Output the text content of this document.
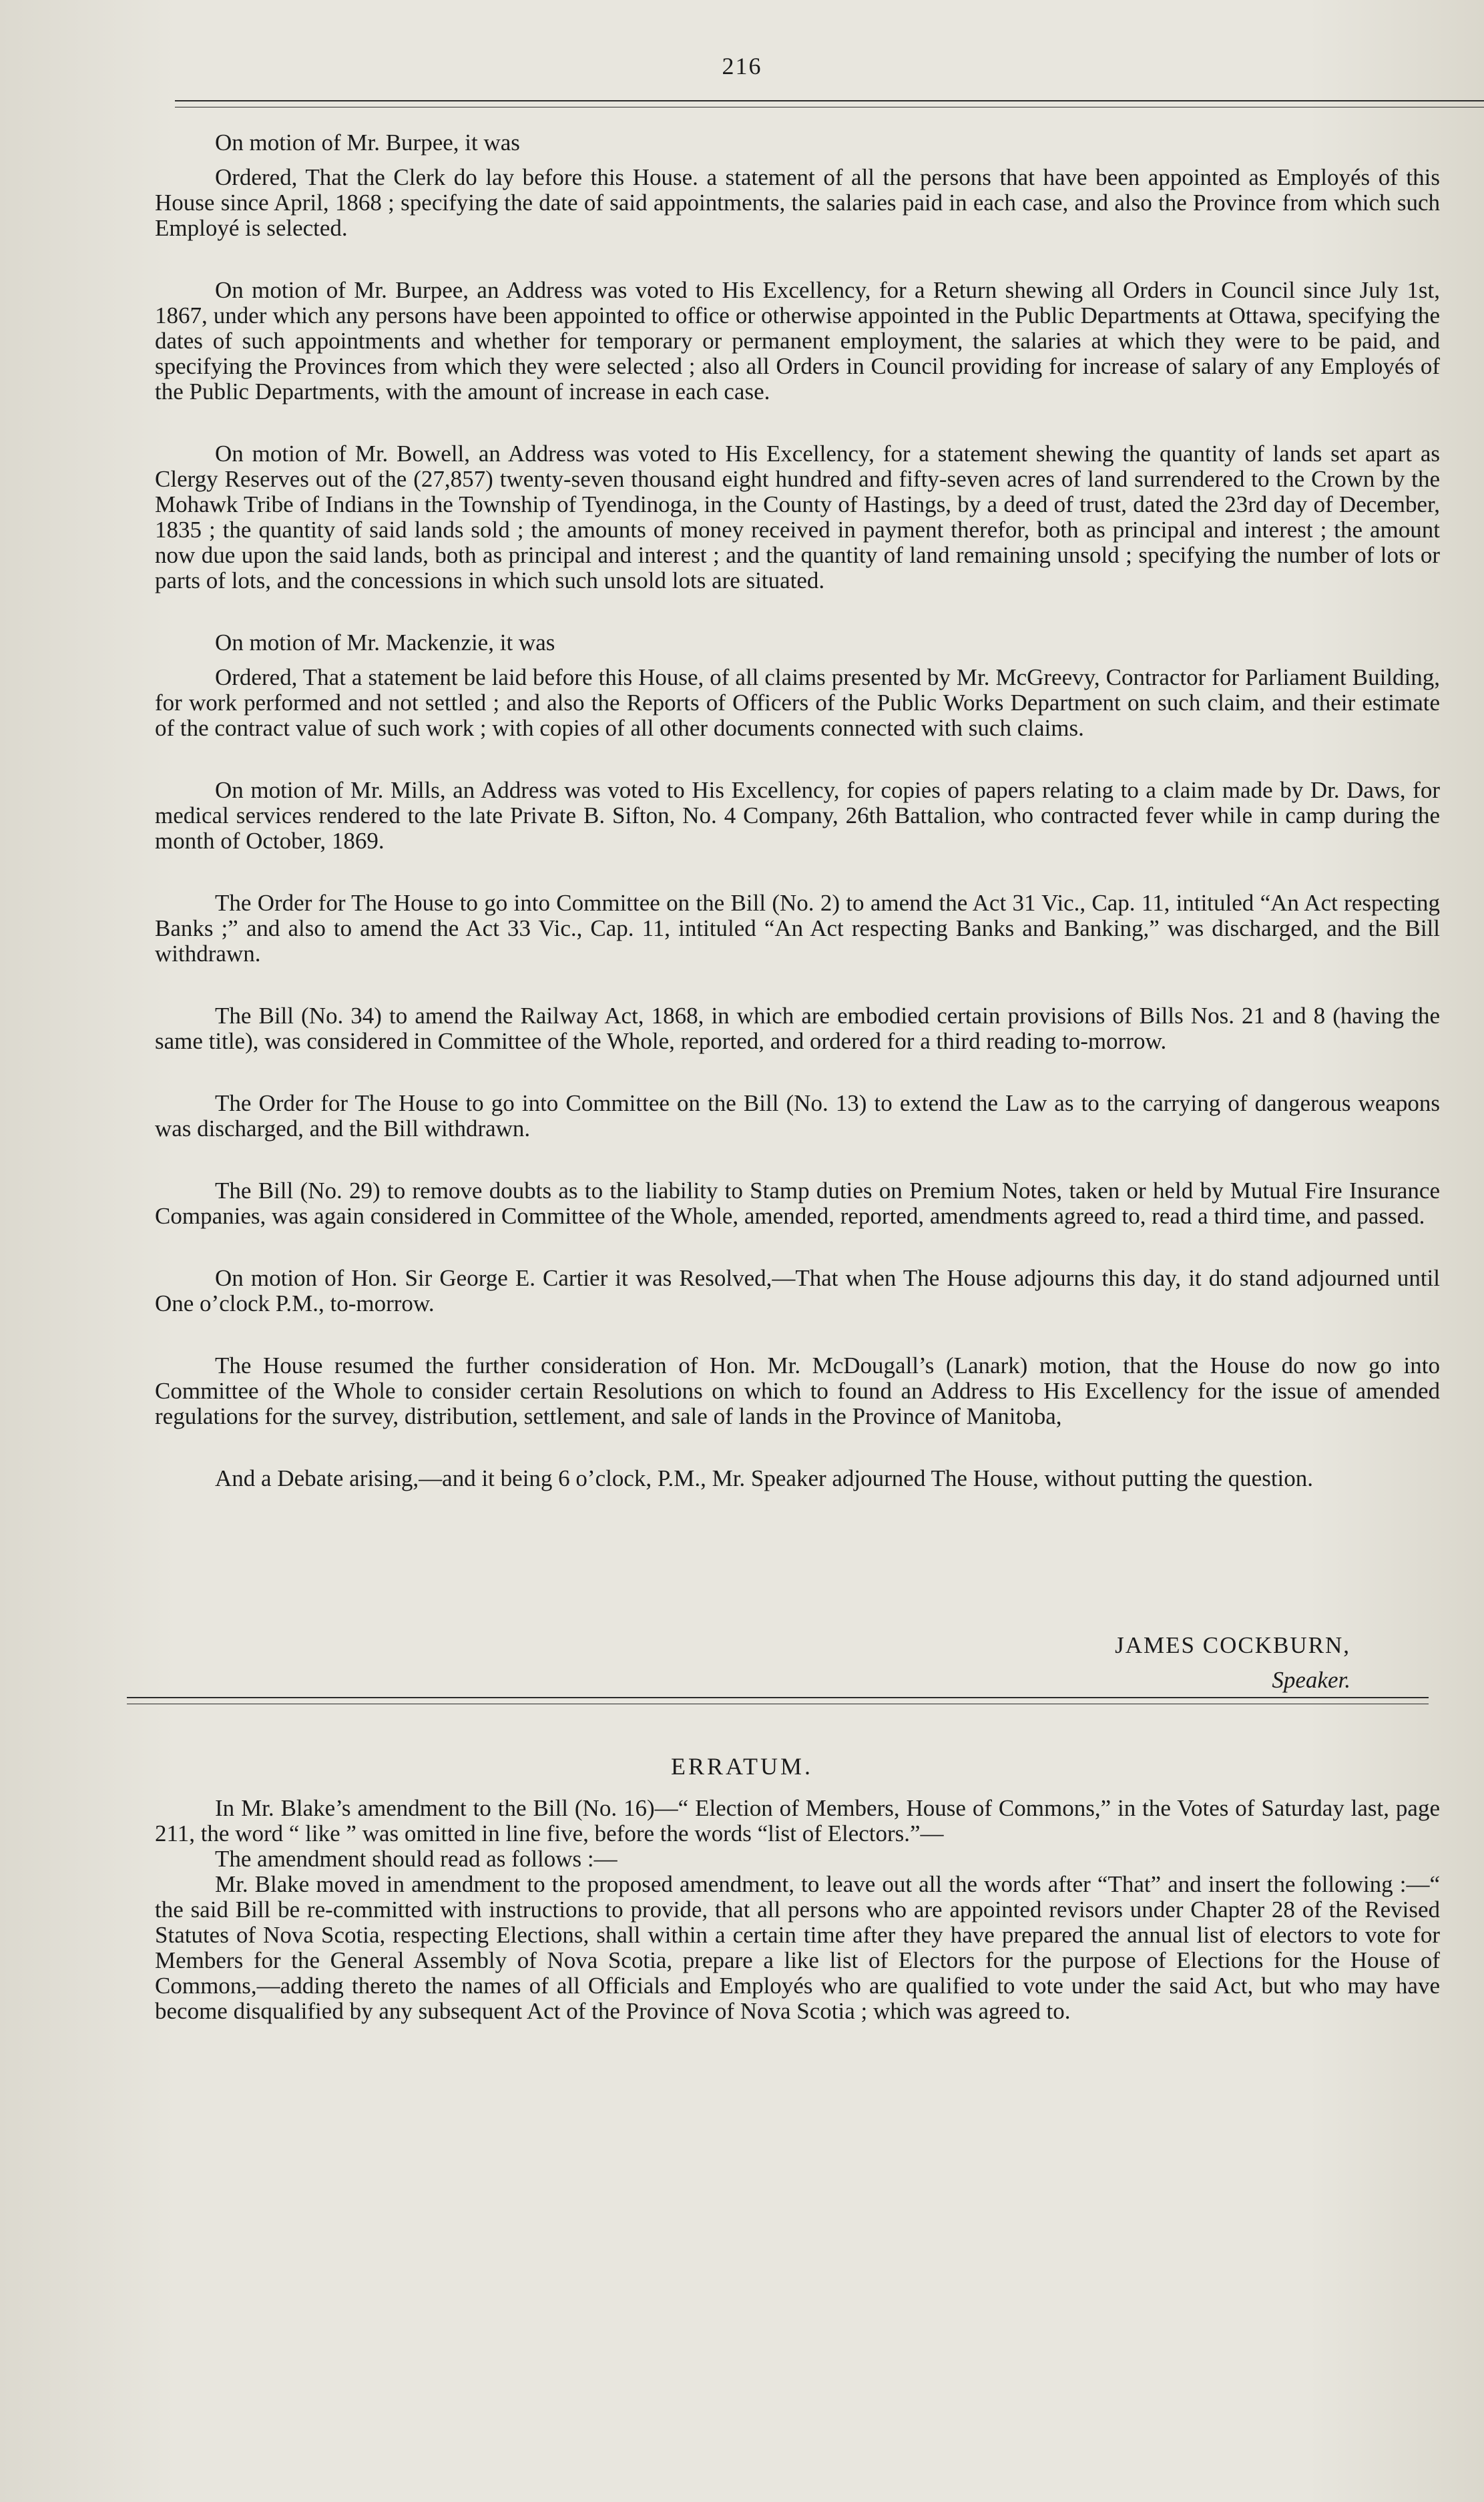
216

On motion of Mr. Burpee, it was

Ordered, That the Clerk do lay before this House. a statement of all the persons that have been appointed as Employés of this House since April, 1868 ; specifying the date of said appointments, the salaries paid in each case, and also the Province from which such Employé is selected.

On motion of Mr. Burpee, an Address was voted to His Excellency, for a Return shewing all Orders in Council since July 1st, 1867, under which any persons have been appointed to office or otherwise appointed in the Public Departments at Ottawa, specifying the dates of such appointments and whether for temporary or permanent employment, the salaries at which they were to be paid, and specifying the Provinces from which they were selected ; also all Orders in Council providing for increase of salary of any Employés of the Public Departments, with the amount of increase in each case.

On motion of Mr. Bowell, an Address was voted to His Excellency, for a statement shewing the quantity of lands set apart as Clergy Reserves out of the (27,857) twenty-seven thousand eight hundred and fifty-seven acres of land surrendered to the Crown by the Mohawk Tribe of Indians in the Township of Tyendinoga, in the County of Hastings, by a deed of trust, dated the 23rd day of December, 1835 ; the quantity of said lands sold ; the amounts of money received in payment therefor, both as principal and interest ; the amount now due upon the said lands, both as principal and interest ; and the quantity of land remaining unsold ; specifying the number of lots or parts of lots, and the concessions in which such unsold lots are situated.

On motion of Mr. Mackenzie, it was

Ordered, That a statement be laid before this House, of all claims presented by Mr. McGreevy, Contractor for Parliament Building, for work performed and not settled ; and also the Reports of Officers of the Public Works Department on such claim, and their estimate of the contract value of such work ; with copies of all other documents connected with such claims.

On motion of Mr. Mills, an Address was voted to His Excellency, for copies of papers relating to a claim made by Dr. Daws, for medical services rendered to the late Private B. Sifton, No. 4 Company, 26th Battalion, who contracted fever while in camp during the month of October, 1869.

The Order for The House to go into Committee on the Bill (No. 2) to amend the Act 31 Vic., Cap. 11, intituled “An Act respecting Banks ;” and also to amend the Act 33 Vic., Cap. 11, intituled “An Act respecting Banks and Banking,” was discharged, and the Bill withdrawn.

The Bill (No. 34) to amend the Railway Act, 1868, in which are embodied certain provisions of Bills Nos. 21 and 8 (having the same title), was considered in Committee of the Whole, reported, and ordered for a third reading to-morrow.

The Order for The House to go into Committee on the Bill (No. 13) to extend the Law as to the carrying of dangerous weapons was discharged, and the Bill withdrawn.

The Bill (No. 29) to remove doubts as to the liability to Stamp duties on Premium Notes, taken or held by Mutual Fire Insurance Companies, was again considered in Committee of the Whole, amended, reported, amendments agreed to, read a third time, and passed.

On motion of Hon. Sir George E. Cartier it was Resolved,—That when The House adjourns this day, it do stand adjourned until One o’clock P.M., to-morrow.

The House resumed the further consideration of Hon. Mr. McDougall’s (Lanark) motion, that the House do now go into Committee of the Whole to consider certain Resolutions on which to found an Address to His Excellency for the issue of amended regulations for the survey, distribution, settlement, and sale of lands in the Province of Manitoba,

And a Debate arising,—and it being 6 o’clock, P.M., Mr. Speaker adjourned The House, without putting the question.

JAMES COCKBURN,
Speaker.
ERRATUM.

In Mr. Blake’s amendment to the Bill (No. 16)—“ Election of Members, House of Commons,” in the Votes of Saturday last, page 211, the word “ like ” was omitted in line five, before the words “list of Electors.”—

The amendment should read as follows :—

Mr. Blake moved in amendment to the proposed amendment, to leave out all the words after “That” and insert the following :—“ the said Bill be re-committed with instructions to provide, that all persons who are appointed revisors under Chapter 28 of the Revised Statutes of Nova Scotia, respecting Elections, shall within a certain time after they have prepared the annual list of electors to vote for Members for the General Assembly of Nova Scotia, prepare a like list of Electors for the purpose of Elections for the House of Commons,—adding thereto the names of all Officials and Employés who are qualified to vote under the said Act, but who may have become disqualified by any subsequent Act of the Province of Nova Scotia ; which was agreed to.
